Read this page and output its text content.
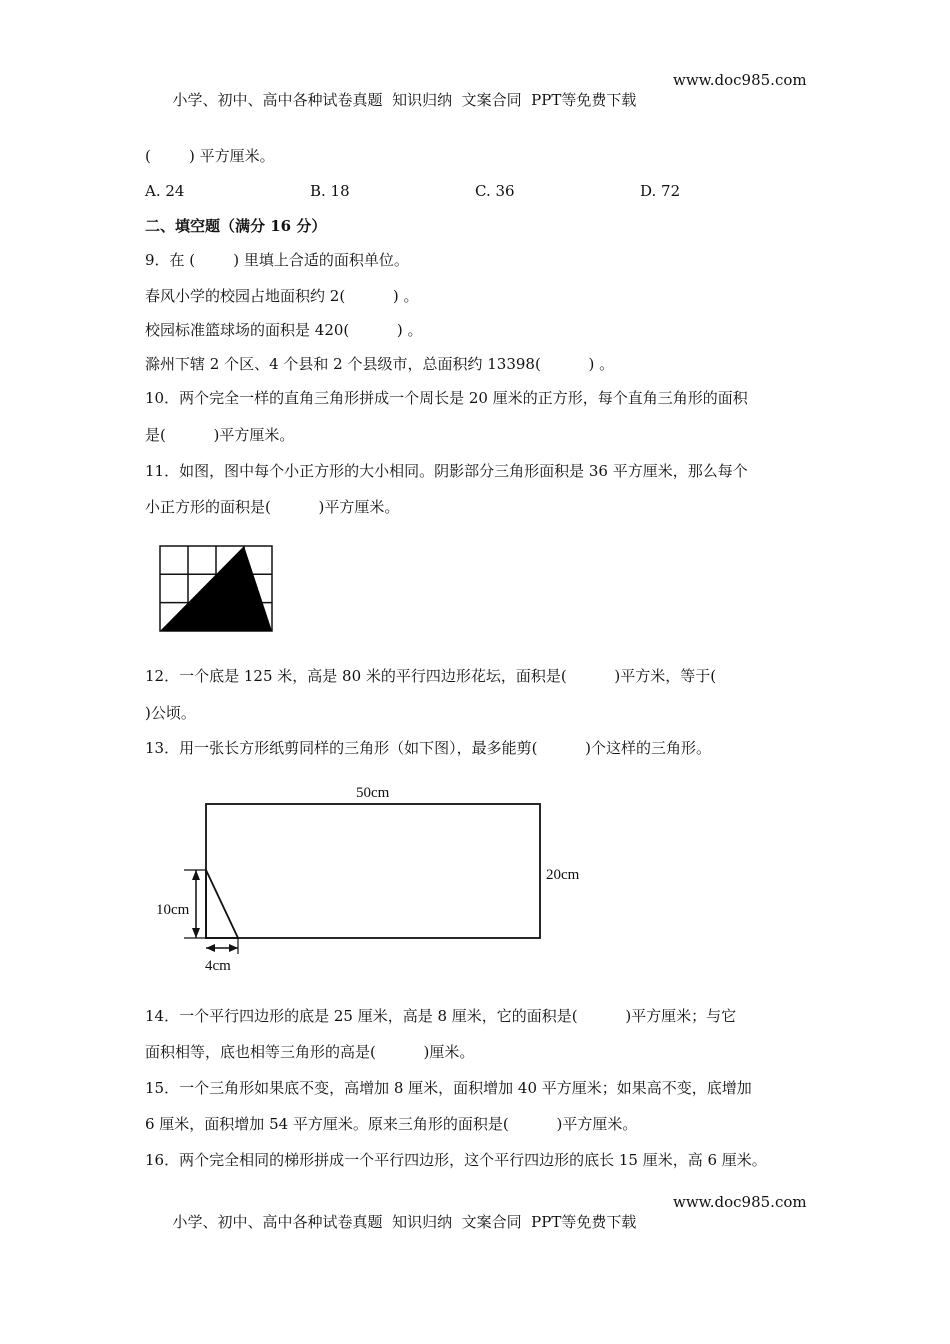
小学、初中、高中各种试卷真题  知识归纳  文案合同  PPT等免费下载

www.doc985.com

(        ) 平方厘米。

A. 24	B. 18	C. 36	D. 72

二、填空题（满分 16 分）

9．在 (        ) 里填上合适的面积单位。

春风小学的校园占地面积约 2(          ) 。

校园标准篮球场的面积是 420(          ) 。

滁州下辖 2 个区、4 个县和 2 个县级市，总面积约 13398(          ) 。

10．两个完全一样的直角三角形拼成一个周长是 20 厘米的正方形，每个直角三角形的面积

是(          )平方厘米。

11．如图，图中每个小正方形的大小相同。阴影部分三角形面积是 36 平方厘米，那么每个

小正方形的面积是(          )平方厘米。

12．一个底是 125 米，高是 80 米的平行四边形花坛，面积是(          )平方米，等于(

)公顷。

13．用一张长方形纸剪同样的三角形（如下图），最多能剪(          )个这样的三角形。

50cm
20cm
10cm
4cm

14．一个平行四边形的底是 25 厘米，高是 8 厘米，它的面积是(          )平方厘米；与它

面积相等，底也相等三角形的高是(          )厘米。

15．一个三角形如果底不变，高增加 8 厘米，面积增加 40 平方厘米；如果高不变，底增加

6 厘米，面积增加 54 平方厘米。原来三角形的面积是(          )平方厘米。

16．两个完全相同的梯形拼成一个平行四边形，这个平行四边形的底长 15 厘米，高 6 厘米。

小学、初中、高中各种试卷真题  知识归纳  文案合同  PPT等免费下载

www.doc985.com
